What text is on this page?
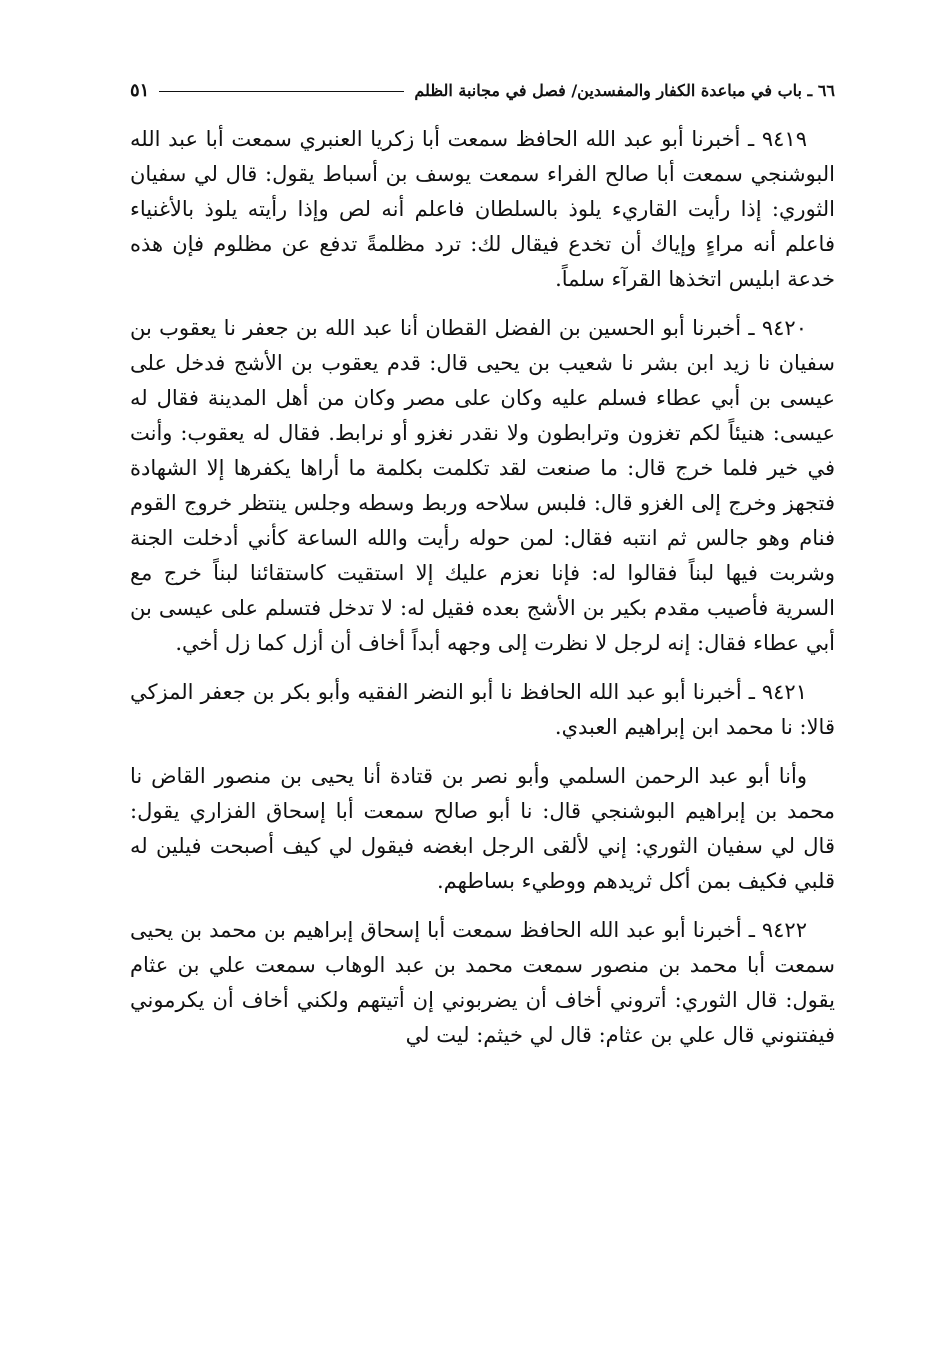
٦٦ ـ باب في مباعدة الكفار والمفسدين/ فصل في مجانبة الظلم
٥١

٩٤١٩ ـ أخبرنا أبو عبد الله الحافظ سمعت أبا زكريا العنبري سمعت أبا عبد الله البوشنجي سمعت أبا صالح الفراء سمعت يوسف بن أسباط يقول: قال لي سفيان الثوري: إذا رأيت القاريء يلوذ بالسلطان فاعلم أنه لص وإذا رأيته يلوذ بالأغنياء فاعلم أنه مراءٍ وإياك أن تخدع فيقال لك: ترد مظلمةً تدفع عن مظلوم فإن هذه خدعة ابليس اتخذها القرآء سلماً.

٩٤٢٠ ـ أخبرنا أبو الحسين بن الفضل القطان أنا عبد الله بن جعفر نا يعقوب بن سفيان نا زيد ابن بشر نا شعيب بن يحيى قال: قدم يعقوب بن الأشج فدخل على عيسى بن أبي عطاء فسلم عليه وكان على مصر وكان من أهل المدينة فقال له عيسى: هنيئاً لكم تغزون وترابطون ولا نقدر نغزو أو نرابط. فقال له يعقوب: وأنت في خير فلما خرج قال: ما صنعت لقد تكلمت بكلمة ما أراها يكفرها إلا الشهادة فتجهز وخرج إلى الغزو قال: فلبس سلاحه وربط وسطه وجلس ينتظر خروج القوم فنام وهو جالس ثم انتبه فقال: لمن حوله رأيت والله الساعة كأني أدخلت الجنة وشربت فيها لبناً فقالوا له: فإنا نعزم عليك إلا استقيت كاستقائنا لبناً خرج مع السرية فأصيب مقدم بكير بن الأشج بعده فقيل له: لا تدخل فتسلم على عيسى بن أبي عطاء فقال: إنه لرجل لا نظرت إلى وجهه أبداً أخاف أن أزل كما زل أخي.

٩٤٢١ ـ أخبرنا أبو عبد الله الحافظ نا أبو النضر الفقيه وأبو بكر بن جعفر المزكي قالا: نا محمد ابن إبراهيم العبدي.

وأنا أبو عبد الرحمن السلمي وأبو نصر بن قتادة أنا يحيى بن منصور القاض نا محمد بن إبراهيم البوشنجي قال: نا أبو صالح سمعت أبا إسحاق الفزاري يقول: قال لي سفيان الثوري: إني لألقى الرجل ابغضه فيقول لي كيف أصبحت فيلين له قلبي فكيف بمن أكل ثريدهم ووطيء بساطهم.

٩٤٢٢ ـ أخبرنا أبو عبد الله الحافظ سمعت أبا إسحاق إبراهيم بن محمد بن يحيى سمعت أبا محمد بن منصور سمعت محمد بن عبد الوهاب سمعت علي بن عثام يقول: قال الثوري: أتروني أخاف أن يضربوني إن أتيتهم ولكني أخاف أن يكرموني فيفتنوني قال علي بن عثام: قال لي خيثم: ليت لي
